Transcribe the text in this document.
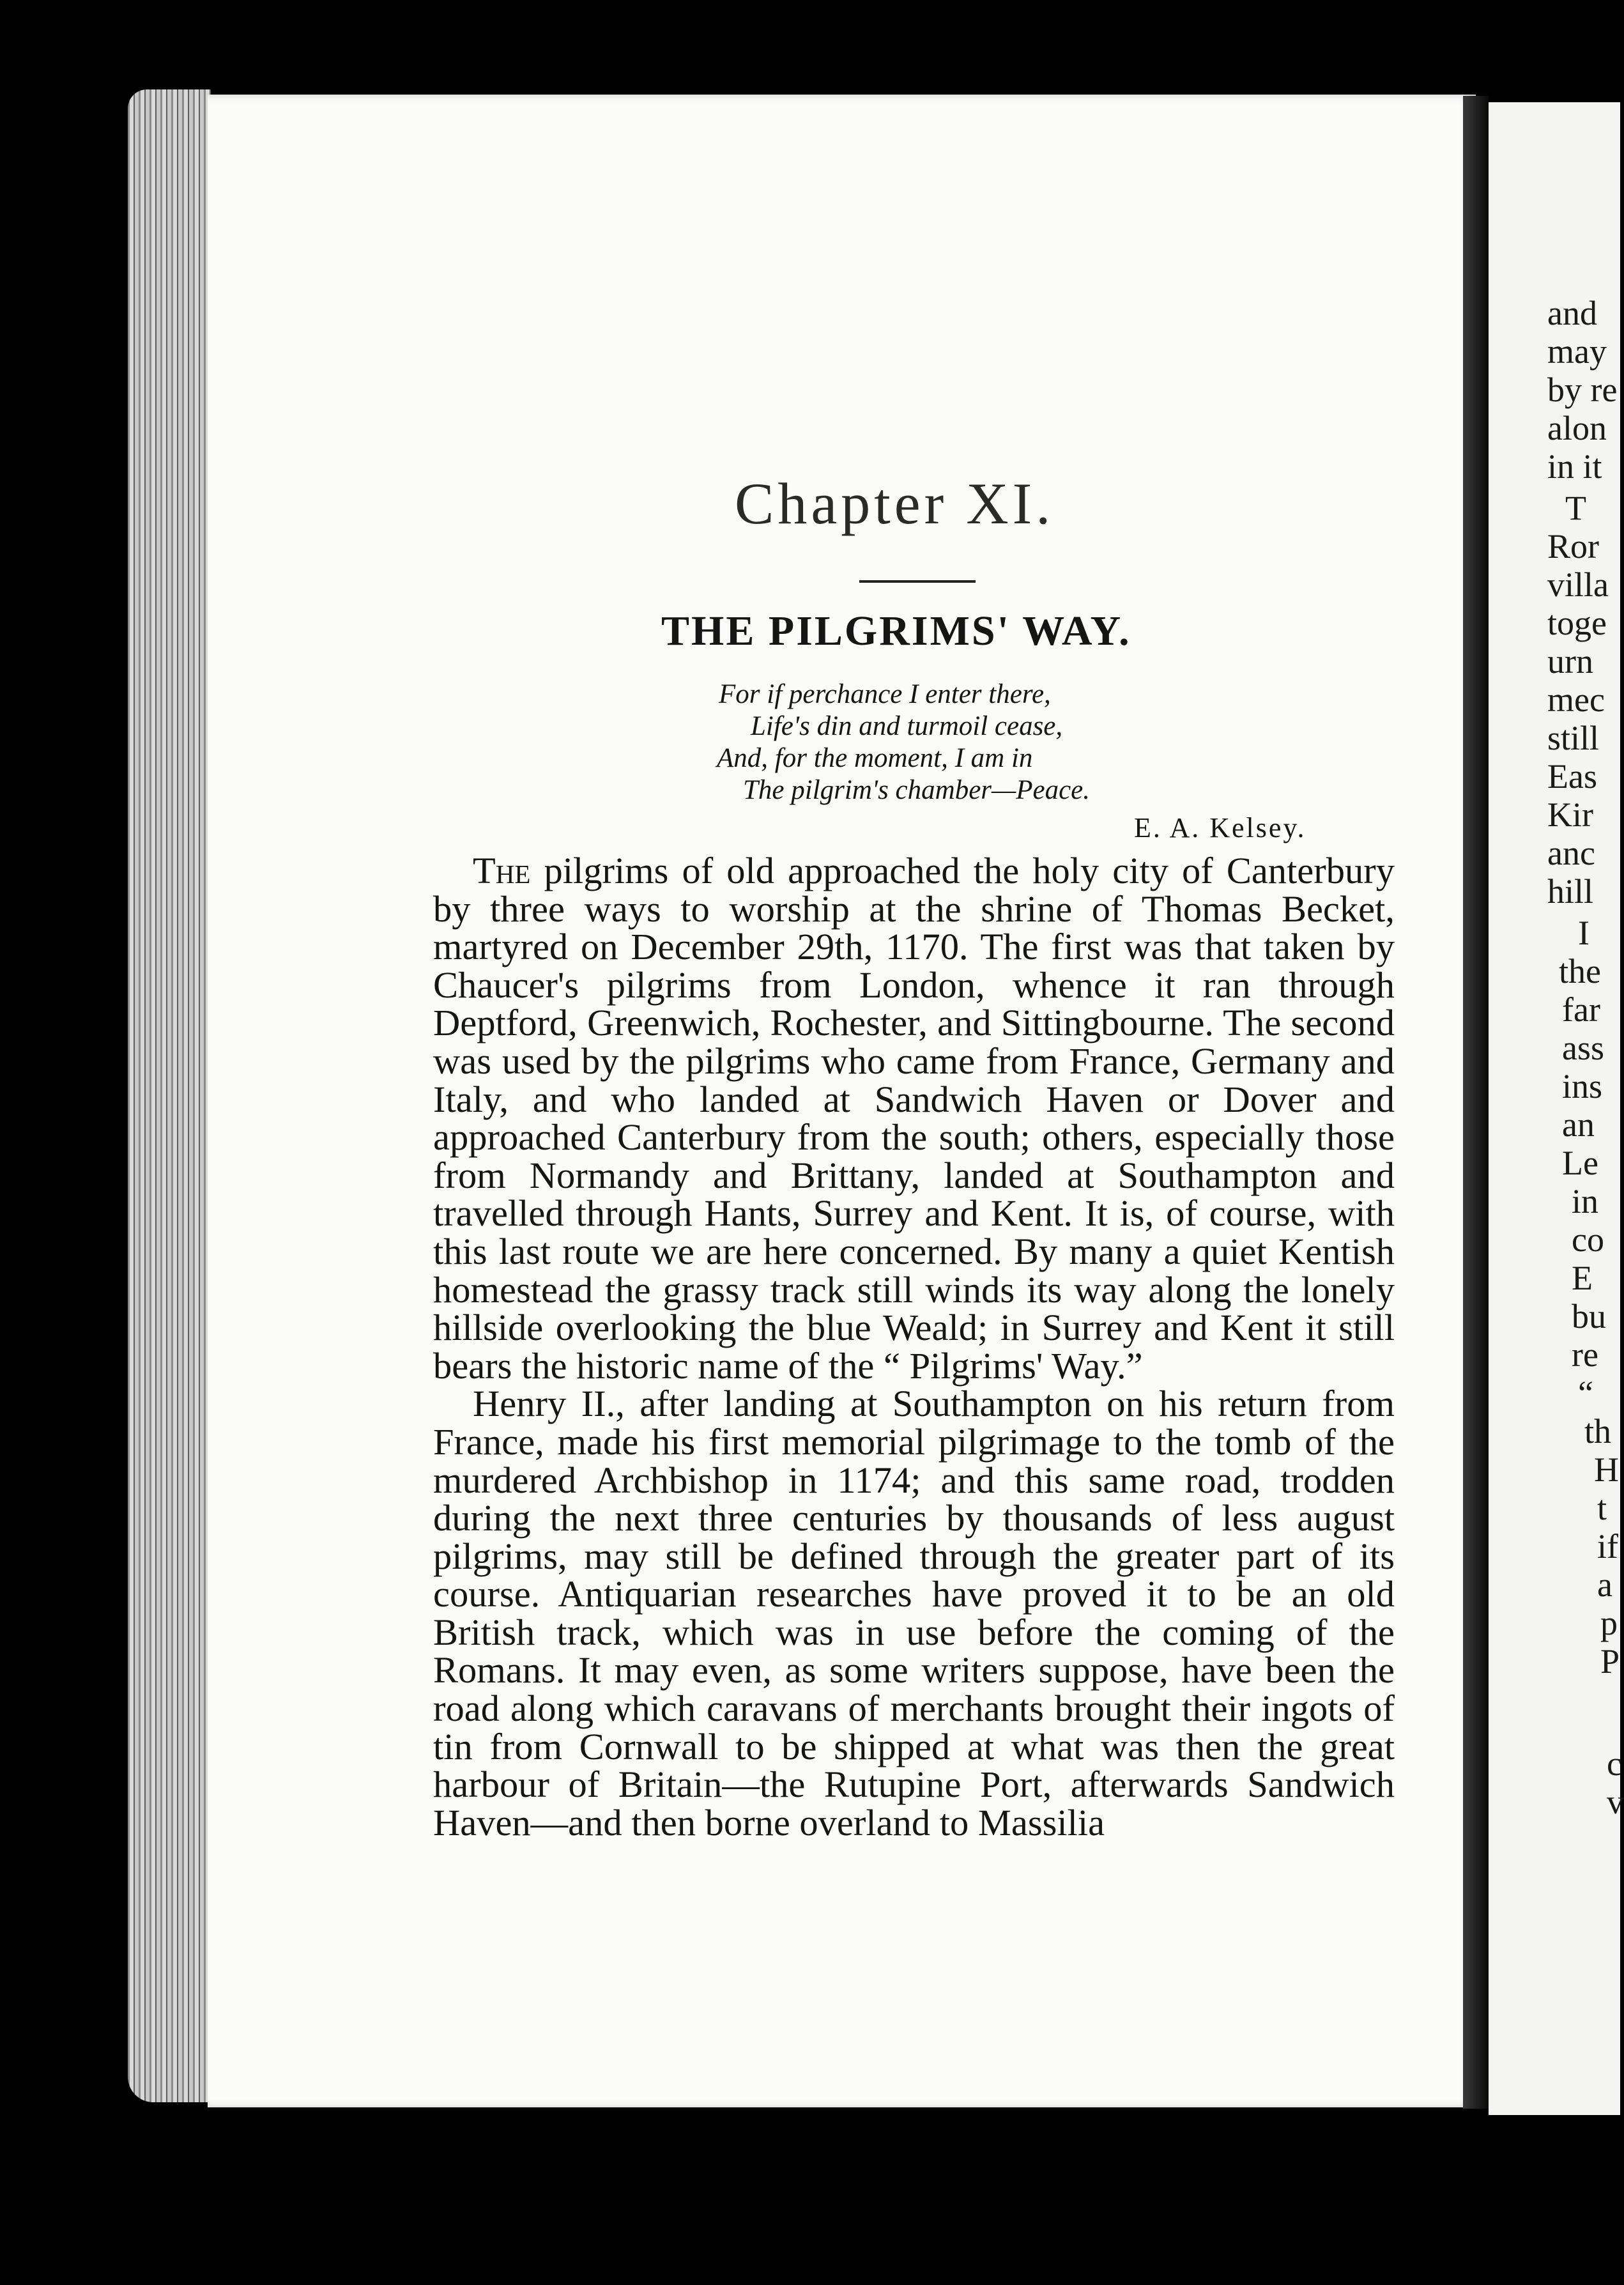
and
may
by re
alon
in it
T
Ror
villa
toge
urn
mec
still
Eas
Kir
anc
hill
I
the
far
ass
ins
an
Le
in
co
E
bu
re
“
th
H
t
if
a
p
P
c
v
Chapter XI.
THE PILGRIMS' WAY.
For if perchance I enter there,
Life's din and turmoil cease,
And, for the moment, I am in
The pilgrim's chamber—Peace.
E. A. Kelsey.

The pilgrims of old approached the holy city of Canterbury by three ways to worship at the shrine of Thomas Becket, martyred on December 29th, 1170. The first was that taken by Chaucer's pilgrims from London, whence it ran through Deptford, Greenwich, Rochester, and Sittingbourne. The second was used by the pilgrims who came from France, Germany and Italy, and who landed at Sandwich Haven or Dover and approached Canterbury from the south; others, especially those from Normandy and Brittany, landed at Southampton and travelled through Hants, Surrey and Kent. It is, of course, with this last route we are here concerned. By many a quiet Kentish homestead the grassy track still winds its way along the lonely hillside overlooking the blue Weald; in Surrey and Kent it still bears the historic name of the “ Pilgrims' Way.”

Henry II., after landing at Southampton on his return from France, made his first memorial pilgrimage to the tomb of the murdered Archbishop in 1174; and this same road, trodden during the next three centuries by thousands of less august pilgrims, may still be defined through the greater part of its course. Antiquarian researches have proved it to be an old British track, which was in use before the coming of the Romans. It may even, as some writers suppose, have been the road along which caravans of merchants brought their ingots of tin from Cornwall to be shipped at what was then the great harbour of Britain—the Rutupine Port, afterwards Sandwich Haven—and then borne overland to Massilia
